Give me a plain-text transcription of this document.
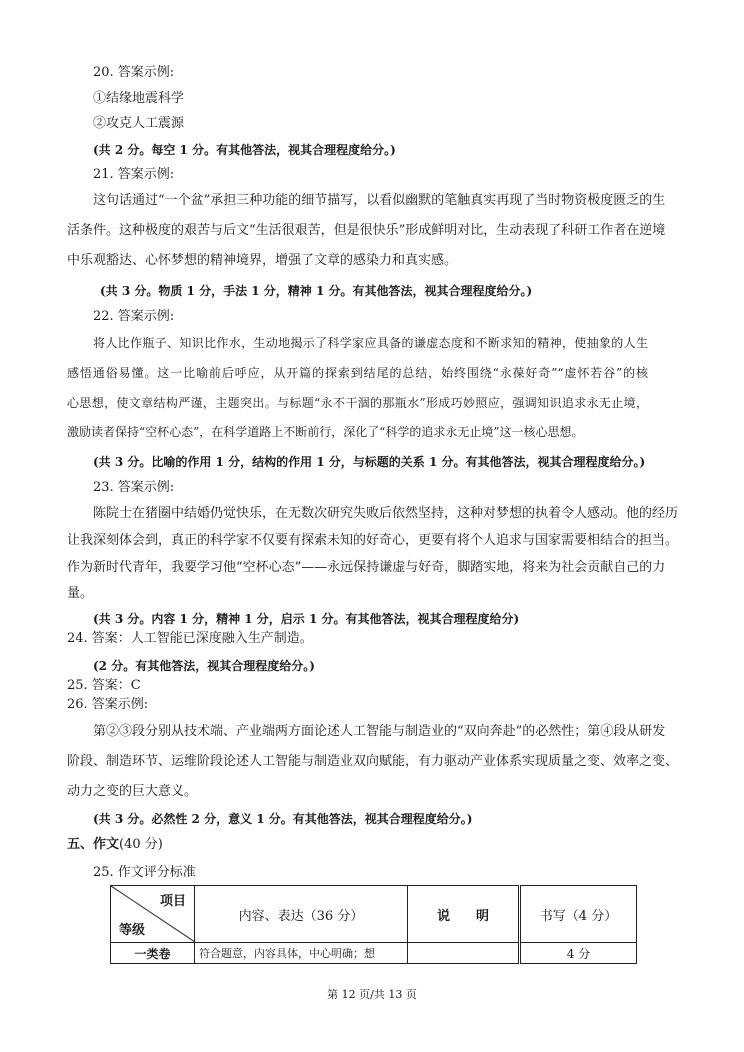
20. 答案示例:
①结缘地震科学
②攻克人工震源
(共 2 分。每空 1 分。有其他答法，视其合理程度给分。)
21. 答案示例:
这句话通过“一个盆”承担三种功能的细节描写，以看似幽默的笔触真实再现了当时物资极度匮乏的生
活条件。这种极度的艰苦与后文“生活很艰苦，但是很快乐”形成鲜明对比，生动表现了科研工作者在逆境
中乐观豁达、心怀梦想的精神境界，增强了文章的感染力和真实感。
(共 3 分。物质 1 分，手法 1 分，精神 1 分。有其他答法，视其合理程度给分。)
22. 答案示例:
将人比作瓶子、知识比作水，生动地揭示了科学家应具备的谦虚态度和不断求知的精神，使抽象的人生
感悟通俗易懂。这一比喻前后呼应，从开篇的探索到结尾的总结，始终围绕“永葆好奇”“虚怀若谷”的核
心思想，使文章结构严谨，主题突出。与标题“永不干涸的那瓶水”形成巧妙照应，强调知识追求永无止境，
激励读者保持“空杯心态”，在科学道路上不断前行，深化了“科学的追求永无止境”这一核心思想。
(共 3 分。比喻的作用 1 分，结构的作用 1 分，与标题的关系 1 分。有其他答法，视其合理程度给分。)
23. 答案示例:
陈院士在猪圈中结婚仍觉快乐，在无数次研究失败后依然坚持，这种对梦想的执着令人感动。他的经历
让我深刻体会到，真正的科学家不仅要有探索未知的好奇心，更要有将个人追求与国家需要相结合的担当。
作为新时代青年，我要学习他“空杯心态”——永远保持谦虚与好奇，脚踏实地，将来为社会贡献自己的力
量。
(共 3 分。内容 1 分，精神 1 分，启示 1 分。有其他答法，视其合理程度给分)
24. 答案：人工智能已深度融入生产制造。
(2 分。有其他答法，视其合理程度给分。)
25. 答案：C
26. 答案示例:
第②③段分别从技术端、产业端两方面论述人工智能与制造业的“双向奔赴”的必然性；第④段从研发
阶段、制造环节、运维阶段论述人工智能与制造业双向赋能，有力驱动产业体系实现质量之变、效率之变、
动力之变的巨大意义。
(共 3 分。必然性 2 分，意义 1 分。有其他答法，视其合理程度给分。)
五、作文(40 分)
25. 作文评分标准
项目
等级	内容、表达（36 分）	说　　明	书写（4 分）
一类卷	符合题意，内容具体，中心明确；想		4 分
第 12 页/共 13 页
